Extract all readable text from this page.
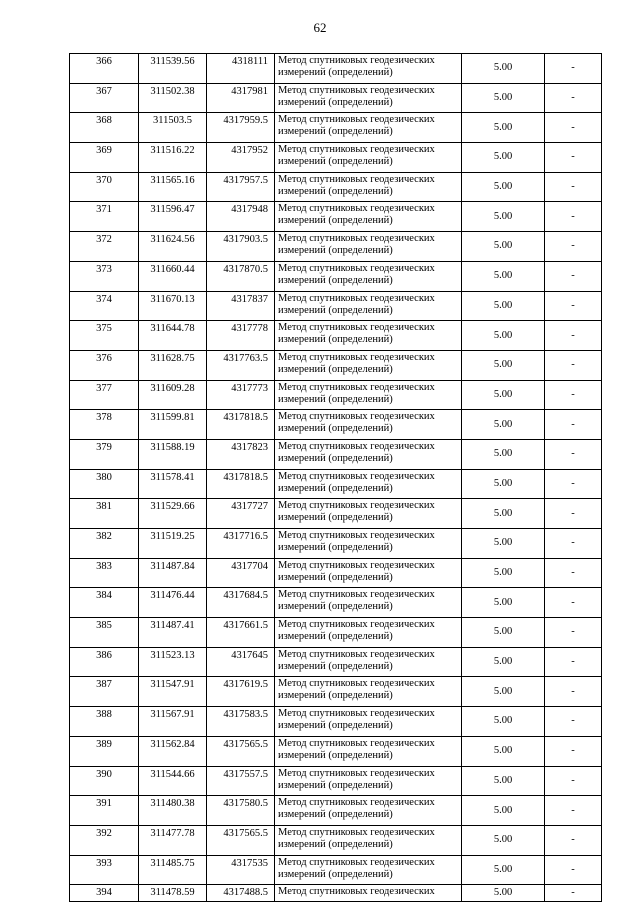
62
366	311539.56	4318111	Метод спутниковых геодезических измерений (определений)	5.00	-
367	311502.38	4317981	Метод спутниковых геодезических измерений (определений)	5.00	-
368	311503.5	4317959.5	Метод спутниковых геодезических измерений (определений)	5.00	-
369	311516.22	4317952	Метод спутниковых геодезических измерений (определений)	5.00	-
370	311565.16	4317957.5	Метод спутниковых геодезических измерений (определений)	5.00	-
371	311596.47	4317948	Метод спутниковых геодезических измерений (определений)	5.00	-
372	311624.56	4317903.5	Метод спутниковых геодезических измерений (определений)	5.00	-
373	311660.44	4317870.5	Метод спутниковых геодезических измерений (определений)	5.00	-
374	311670.13	4317837	Метод спутниковых геодезических измерений (определений)	5.00	-
375	311644.78	4317778	Метод спутниковых геодезических измерений (определений)	5.00	-
376	311628.75	4317763.5	Метод спутниковых геодезических измерений (определений)	5.00	-
377	311609.28	4317773	Метод спутниковых геодезических измерений (определений)	5.00	-
378	311599.81	4317818.5	Метод спутниковых геодезических измерений (определений)	5.00	-
379	311588.19	4317823	Метод спутниковых геодезических измерений (определений)	5.00	-
380	311578.41	4317818.5	Метод спутниковых геодезических измерений (определений)	5.00	-
381	311529.66	4317727	Метод спутниковых геодезических измерений (определений)	5.00	-
382	311519.25	4317716.5	Метод спутниковых геодезических измерений (определений)	5.00	-
383	311487.84	4317704	Метод спутниковых геодезических измерений (определений)	5.00	-
384	311476.44	4317684.5	Метод спутниковых геодезических измерений (определений)	5.00	-
385	311487.41	4317661.5	Метод спутниковых геодезических измерений (определений)	5.00	-
386	311523.13	4317645	Метод спутниковых геодезических измерений (определений)	5.00	-
387	311547.91	4317619.5	Метод спутниковых геодезических измерений (определений)	5.00	-
388	311567.91	4317583.5	Метод спутниковых геодезических измерений (определений)	5.00	-
389	311562.84	4317565.5	Метод спутниковых геодезических измерений (определений)	5.00	-
390	311544.66	4317557.5	Метод спутниковых геодезических измерений (определений)	5.00	-
391	311480.38	4317580.5	Метод спутниковых геодезических измерений (определений)	5.00	-
392	311477.78	4317565.5	Метод спутниковых геодезических измерений (определений)	5.00	-
393	311485.75	4317535	Метод спутниковых геодезических измерений (определений)	5.00	-
394	311478.59	4317488.5	Метод спутниковых геодезических	5.00	-
